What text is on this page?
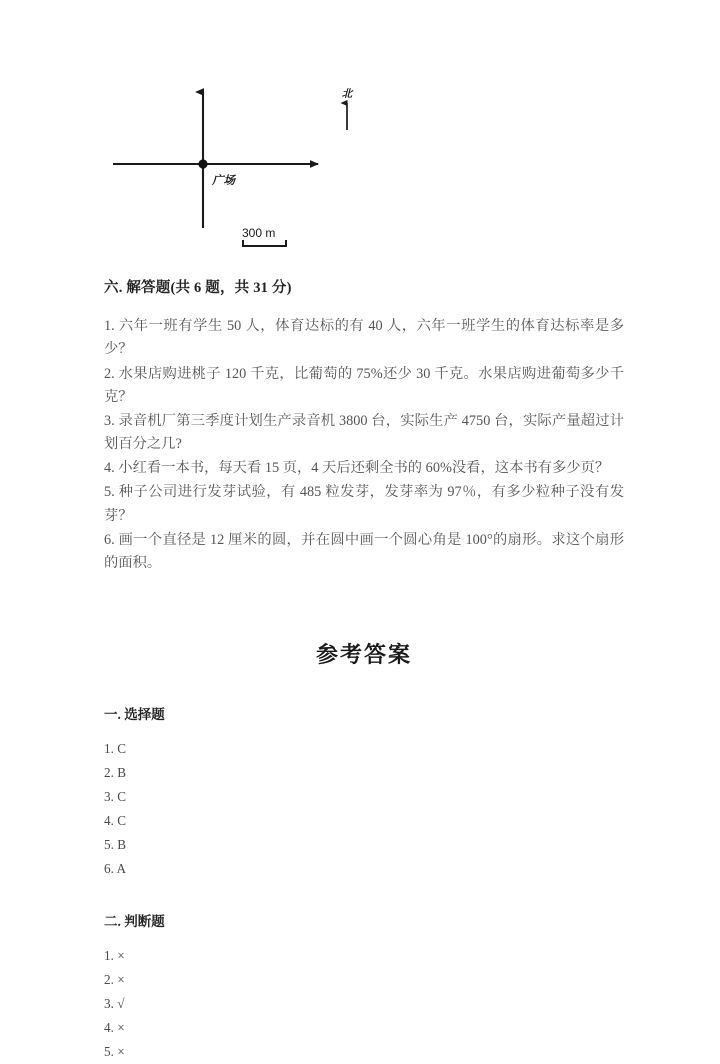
广场
北
300 m
六. 解答题(共 6 题，共 31 分)
1. 六年一班有学生 50 人，体育达标的有 40 人，六年一班学生的体育达标率是多少？
2. 水果店购进桃子 120 千克，比葡萄的 75%还少 30 千克。水果店购进葡萄多少千克？
3. 录音机厂第三季度计划生产录音机 3800 台，实际生产 4750 台，实际产量超过计划百分之几?
4. 小红看一本书，每天看 15 页，4 天后还剩全书的 60%没看，这本书有多少页？
5. 种子公司进行发芽试验，有 485 粒发芽，发芽率为 97％，有多少粒种子没有发芽？
6. 画一个直径是 12 厘米的圆，并在圆中画一个圆心角是 100°的扇形。求这个扇形的面积。
参考答案
一. 选择题
1. C
2. B
3. C
4. C
5. B
6. A
二. 判断题
1. ×
2. ×
3. √
4. ×
5. ×
